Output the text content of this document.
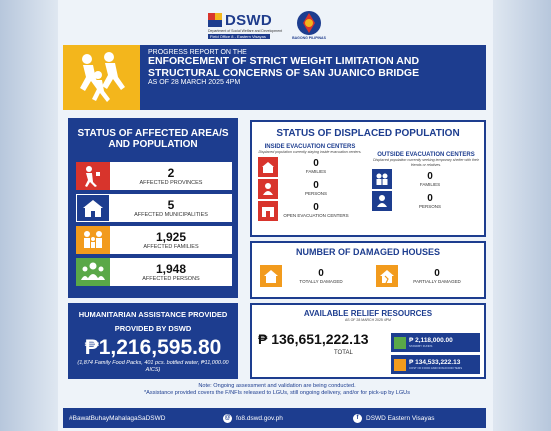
DSWD
Department of Social Welfare and Development
Field Office 8 - Eastern Visayas	BAGONG PILIPINAS
PROGRESS REPORT ON THE
ENFORCEMENT OF STRICT WEIGHT LIMITATION AND STRUCTURAL CONCERNS OF SAN JUANICO BRIDGE
AS OF 28 MARCH 2025 4PM
STATUS OF AFFECTED AREA/S AND POPULATION
2
AFFECTED PROVINCES
5
AFFECTED MUNICIPALITIES
1,925
AFFECTED FAMILIES
1,948
AFFECTED PERSONS
HUMANITARIAN ASSISTANCE PROVIDED
PROVIDED BY DSWD
₱1,216,595.80
(1,874 Family Food Packs, 401 pcs. bottled water, ₱11,000.00 AICS)
STATUS OF DISPLACED POPULATION
INSIDE EVACUATION CENTERS
Displaced population currently staying inside evacuation centers.
0
FAMILIES
0
PERSONS
0
OPEN EVACUATION CENTERS
OUTSIDE EVACUATION CENTERS
Displaced population currently seeking temporary shelter with their friends or relatives.
0
FAMILIES
0
PERSONS
NUMBER OF DAMAGED HOUSES
0
TOTALLY DAMAGED
0
PARTIALLY DAMAGED
AVAILABLE RELIEF RESOURCES
AS OF 28 MARCH 2025 4PM
₱ 136,651,222.13
TOTAL
₱ 2,118,000.00
STANDBY FUNDS
₱ 134,533,222.13
COST OF FOOD AND NON-FOOD ITEMS
Note: Ongoing assessment and validation are being conducted.
*Assistance provided covers the F/NFIs released to LGUs, still ongoing delivery, and/or for pick-up by LGUs
#BawatBuhayMahalagaSaDSWD	@ fo8.dswd.gov.ph	f	DSWD Eastern Visayas
